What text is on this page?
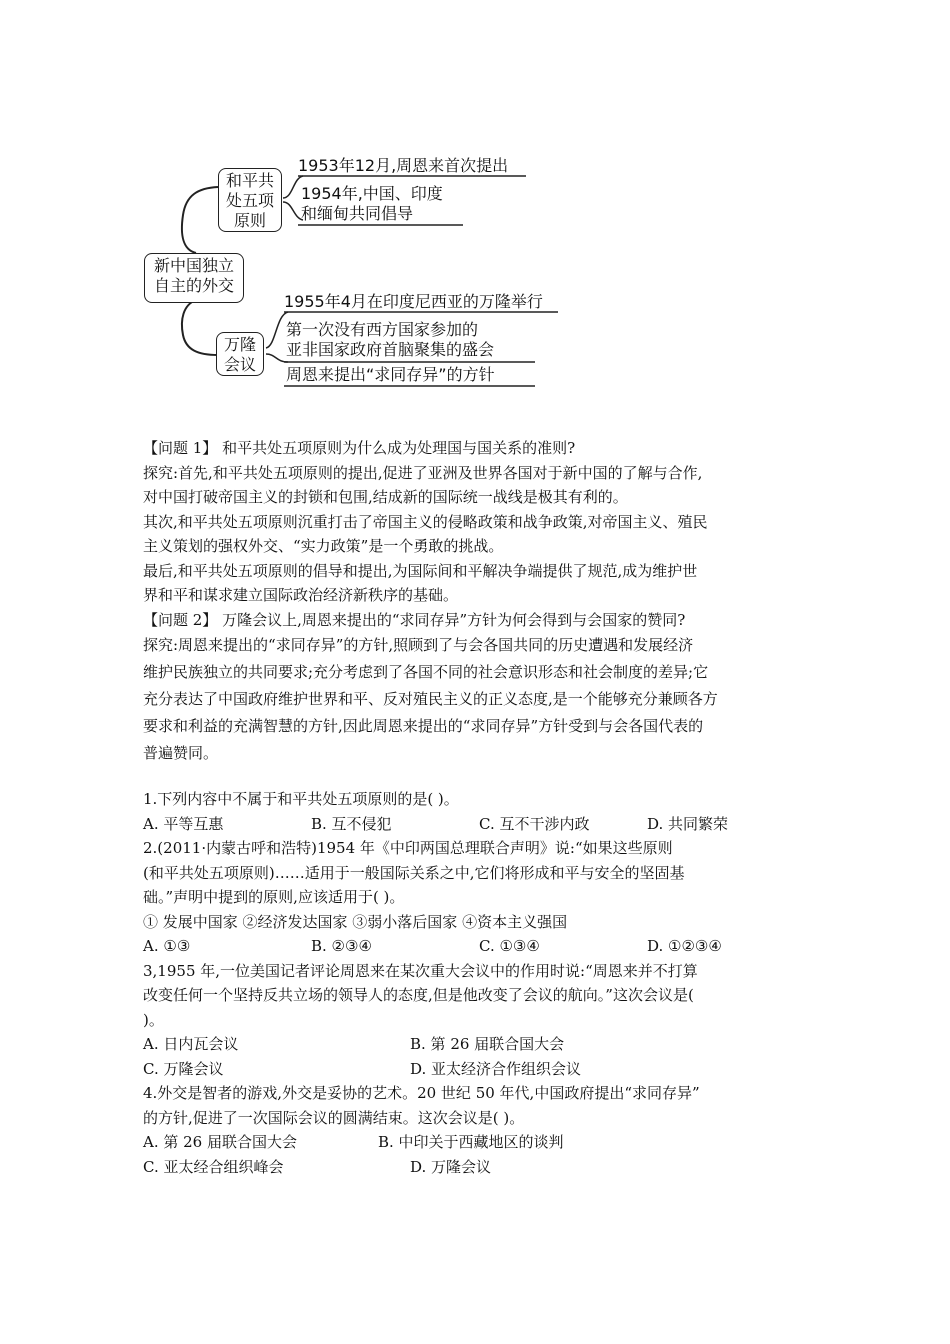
新中国独立
自主的外交
和平共
处五项
原则
1953年12月,周恩来首次提出
1954年,中国、印度
和缅甸共同倡导
万隆
会议
1955年4月在印度尼西亚的万隆举行
第一次没有西方国家参加的
亚非国家政府首脑聚集的盛会
周恩来提出“求同存异”的方针
【问题 1】 和平共处五项原则为什么成为处理国与国关系的准则?
探究:首先,和平共处五项原则的提出,促进了亚洲及世界各国对于新中国的了解与合作,
对中国打破帝国主义的封锁和包围,结成新的国际统一战线是极其有利的。
其次,和平共处五项原则沉重打击了帝国主义的侵略政策和战争政策,对帝国主义、殖民
主义策划的强权外交、“实力政策”是一个勇敢的挑战。
最后,和平共处五项原则的倡导和提出,为国际间和平解决争端提供了规范,成为维护世
界和平和谋求建立国际政治经济新秩序的基础。
【问题 2】 万隆会议上,周恩来提出的“求同存异”方针为何会得到与会国家的赞同?
探究:周恩来提出的“求同存异”的方针,照顾到了与会各国共同的历史遭遇和发展经济
维护民族独立的共同要求;充分考虑到了各国不同的社会意识形态和社会制度的差异;它
充分表达了中国政府维护世界和平、反对殖民主义的正义态度,是一个能够充分兼顾各方
要求和利益的充满智慧的方针,因此周恩来提出的“求同存异”方针受到与会各国代表的
普遍赞同。
1.下列内容中不属于和平共处五项原则的是( )。
A. 平等互惠	B. 互不侵犯	C. 互不干涉内政	D. 共同繁荣
2.(2011·内蒙古呼和浩特)1954 年《中印两国总理联合声明》说:“如果这些原则
(和平共处五项原则)……适用于一般国际关系之中,它们将形成和平与安全的坚固基
础。”声明中提到的原则,应该适用于( )。
① 发展中国家 ②经济发达国家 ③弱小落后国家 ④资本主义强国
A. ①③	B. ②③④	C. ①③④	D. ①②③④
3,1955 年,一位美国记者评论周恩来在某次重大会议中的作用时说:“周恩来并不打算
改变任何一个坚持反共立场的领导人的态度,但是他改变了会议的航向。”这次会议是(
)。
A. 日内瓦会议	B. 第 26 届联合国大会
C. 万隆会议	D. 亚太经济合作组织会议
4.外交是智者的游戏,外交是妥协的艺术。20 世纪 50 年代,中国政府提出“求同存异”
的方针,促进了一次国际会议的圆满结束。这次会议是( )。
A. 第 26 届联合国大会	B. 中印关于西藏地区的谈判
C. 亚太经合组织峰会	D. 万隆会议
